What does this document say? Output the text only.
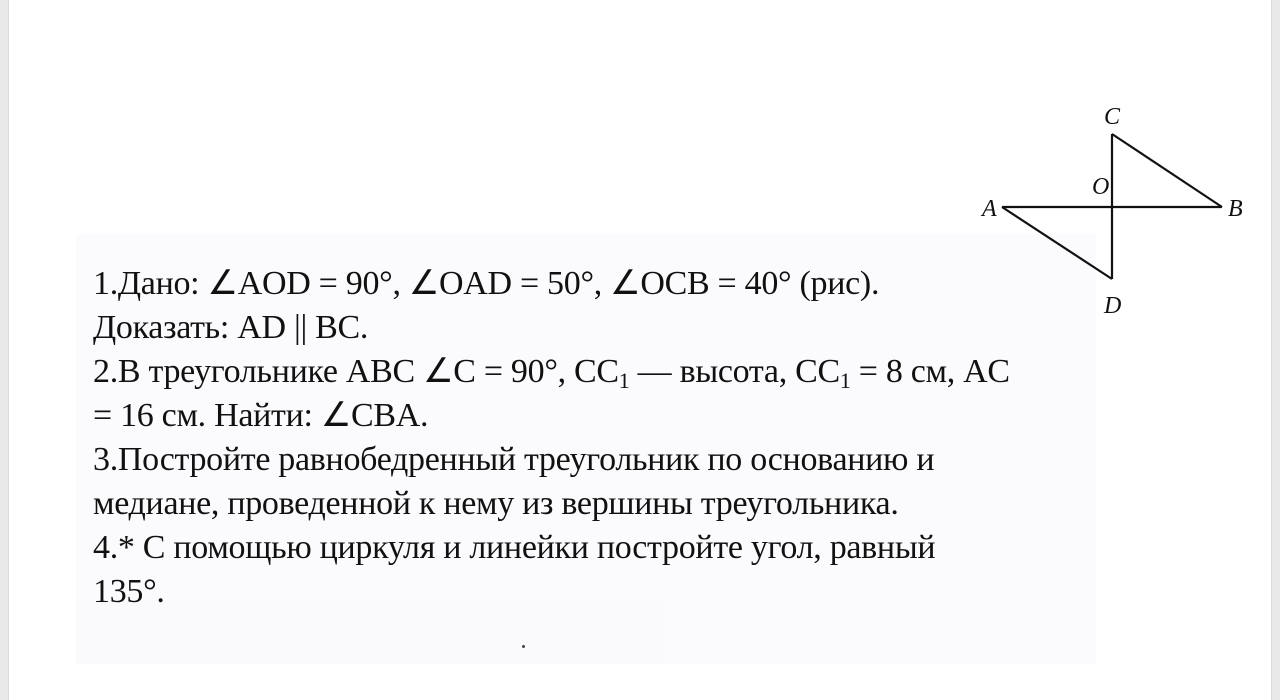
1.Дано: ∠AOD = 90°, ∠OAD = 50°, ∠OCB = 40° (рис).

Доказать: AD || BC.

2.В треугольнике ABC ∠C = 90°, $CC_1$ — высота, $CC_1 = 8$ см, AC

= 16 см. Найти: ∠CBA.

3.Постройте равнобедренный треугольник по основанию и

медиане, проведенной к нему из вершины треугольника.

4.* С помощью циркуля и линейки постройте угол, равный

135°.

A	B
C
D
O
